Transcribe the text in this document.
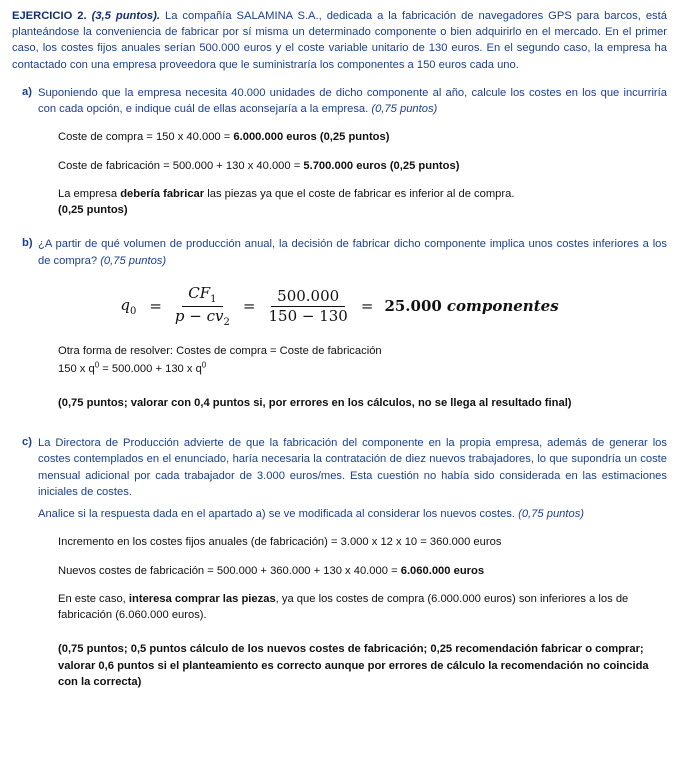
EJERCICIO 2. (3,5 puntos). La compañía SALAMINA S.A., dedicada a la fabricación de navegadores GPS para barcos, está planteándose la conveniencia de fabricar por sí misma un determinado componente o bien adquirirlo en el mercado. En el primer caso, los costes fijos anuales serían 500.000 euros y el coste variable unitario de 130 euros. En el segundo caso, la empresa ha contactado con una empresa proveedora que le suministraría los componentes a 150 euros cada uno.

a) Suponiendo que la empresa necesita 40.000 unidades de dicho componente al año, calcule los costes en los que incurriría con cada opción, e indique cuál de ellas aconsejaría a la empresa. (0,75 puntos)
Coste de compra = 150 x 40.000 = 6.000.000 euros (0,25 puntos)
Coste de fabricación = 500.000 + 130 x 40.000 = 5.700.000 euros (0,25 puntos)
La empresa debería fabricar las piezas ya que el coste de fabricar es inferior al de compra.
(0,25 puntos)
b) ¿A partir de qué volumen de producción anual, la decisión de fabricar dicho componente implica unos costes inferiores a los de compra? (0,75 puntos)
$q_0 = \frac{CF_1}{p - cv_2} = \frac{500.000}{150 - 130} = 25.000$ componentes
Otra forma de resolver: Costes de compra = Coste de fabricación
150 x $q^0 = 500.000 + 130$ x $q^0$
(0,75 puntos; valorar con 0,4 puntos si, por errores en los cálculos, no se llega al resultado final)
c) La Directora de Producción advierte de que la fabricación del componente en la propia empresa, además de generar los costes contemplados en el enunciado, haría necesaria la contratación de diez nuevos trabajadores, lo que supondría un coste mensual adicional por cada trabajador de 3.000 euros/mes. Esta cuestión no había sido considerada en las estimaciones iniciales de costes.
Analice si la respuesta dada en el apartado a) se ve modificada al considerar los nuevos costes. (0,75 puntos)
Incremento en los costes fijos anuales (de fabricación) = 3.000 x 12 x 10 = 360.000 euros
Nuevos costes de fabricación = 500.000 + 360.000 + 130 x 40.000 = 6.060.000 euros
En este caso, interesa comprar las piezas, ya que los costes de compra (6.000.000 euros) son inferiores a los de fabricación (6.060.000 euros).
(0,75 puntos; 0,5 puntos cálculo de los nuevos costes de fabricación; 0,25 recomendación fabricar o comprar; valorar 0,6 puntos si el planteamiento es correcto aunque por errores de cálculo la recomendación no coincida con la correcta)
